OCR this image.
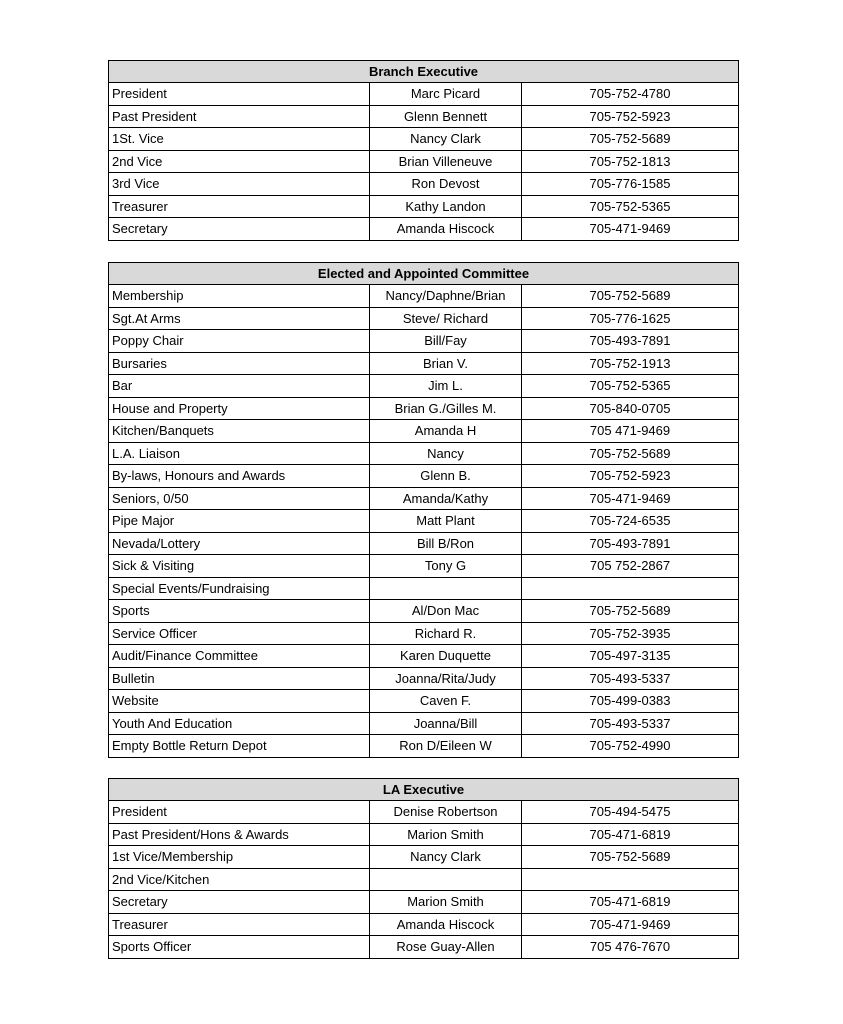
Branch Executive		
President	Marc Picard	705-752-4780
Past President	Glenn Bennett	705-752-5923
1St. Vice	Nancy Clark	705-752-5689
2nd Vice	Brian Villeneuve	705-752-1813
3rd Vice	Ron Devost	705-776-1585
Treasurer	Kathy Landon	705-752-5365
Secretary	Amanda Hiscock	705-471-9469
Elected and Appointed Committee		
Membership	Nancy/Daphne/Brian	705-752-5689
Sgt.At Arms	Steve/ Richard	705-776-1625
Poppy Chair	Bill/Fay	705-493-7891
Bursaries	Brian V.	705-752-1913
Bar	Jim L.	705-752-5365
House and Property	Brian G./Gilles M.	705-840-0705
Kitchen/Banquets	Amanda H	705 471-9469
L.A. Liaison	Nancy	705-752-5689
By-laws, Honours and Awards	Glenn B.	705-752-5923
Seniors, 0/50	Amanda/Kathy	705-471-9469
Pipe Major	Matt Plant	705-724-6535
Nevada/Lottery	Bill B/Ron	705-493-7891
Sick & Visiting	Tony G	705 752-2867
Special Events/Fundraising		
Sports	Al/Don Mac	705-752-5689
Service Officer	Richard R.	705-752-3935
Audit/Finance Committee	Karen Duquette	705-497-3135
Bulletin	Joanna/Rita/Judy	705-493-5337
Website	Caven F.	705-499-0383
Youth And Education	Joanna/Bill	705-493-5337
Empty Bottle Return Depot	Ron D/Eileen W	705-752-4990
LA Executive		
President	Denise Robertson	705-494-5475
Past President/Hons & Awards	Marion Smith	705-471-6819
1st Vice/Membership	Nancy Clark	705-752-5689
2nd Vice/Kitchen		
Secretary	Marion Smith	705-471-6819
Treasurer	Amanda Hiscock	705-471-9469
Sports Officer	Rose Guay-Allen	705 476-7670
